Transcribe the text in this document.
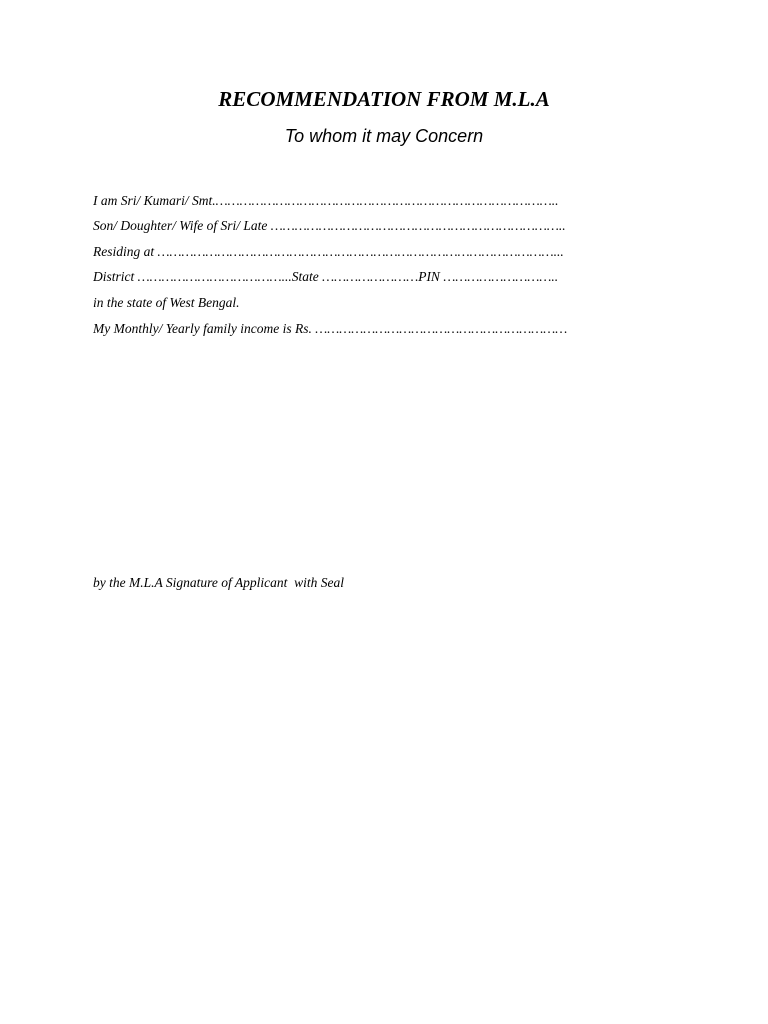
RECOMMENDATION FROM M.L.A
To whom it may Concern
I am Sri/ Kumari/ Smt.…………………………………………………………………………..
Son/ Doughter/ Wife of Sri/ Late ………………………………………………………………..
Residing at ………………………………………………………………………………………...
District ………………………………...State ……………………PIN ………………………..
in the state of West Bengal.
My Monthly/ Yearly family income is Rs. ………………………………………………………
by the M.L.A Signature of Applicant  with Seal
